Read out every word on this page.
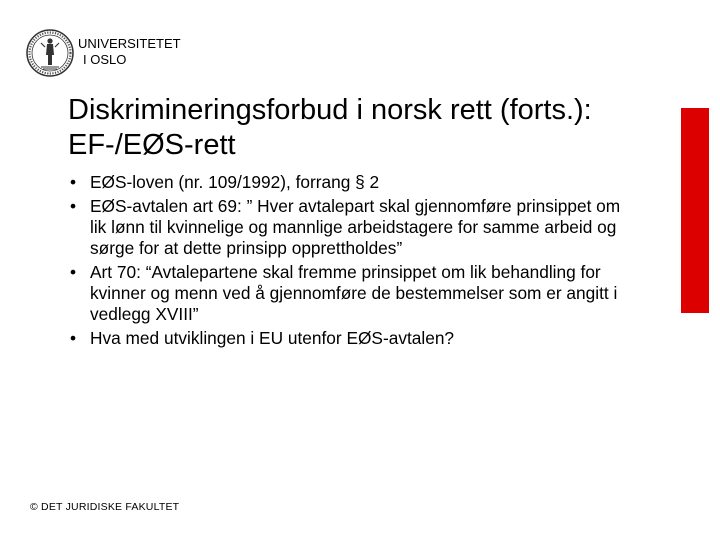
UNIVERSITETET
I OSLO
Diskrimineringsforbud i norsk rett (forts.): EF-/EØS-rett
• EØS-loven (nr. 109/1992), forrang § 2
• EØS-avtalen art 69: ” Hver avtalepart skal gjennomføre prinsippet om lik lønn til kvinnelige og mannlige arbeidstagere for samme arbeid og sørge for at dette prinsipp opprettholdes”
• Art 70: “Avtalepartene skal fremme prinsippet om lik behandling for kvinner og menn ved å gjennomføre de bestemmelser som er angitt i vedlegg XVIII”
• Hva med utviklingen i EU utenfor EØS-avtalen?
© DET JURIDISKE FAKULTET
